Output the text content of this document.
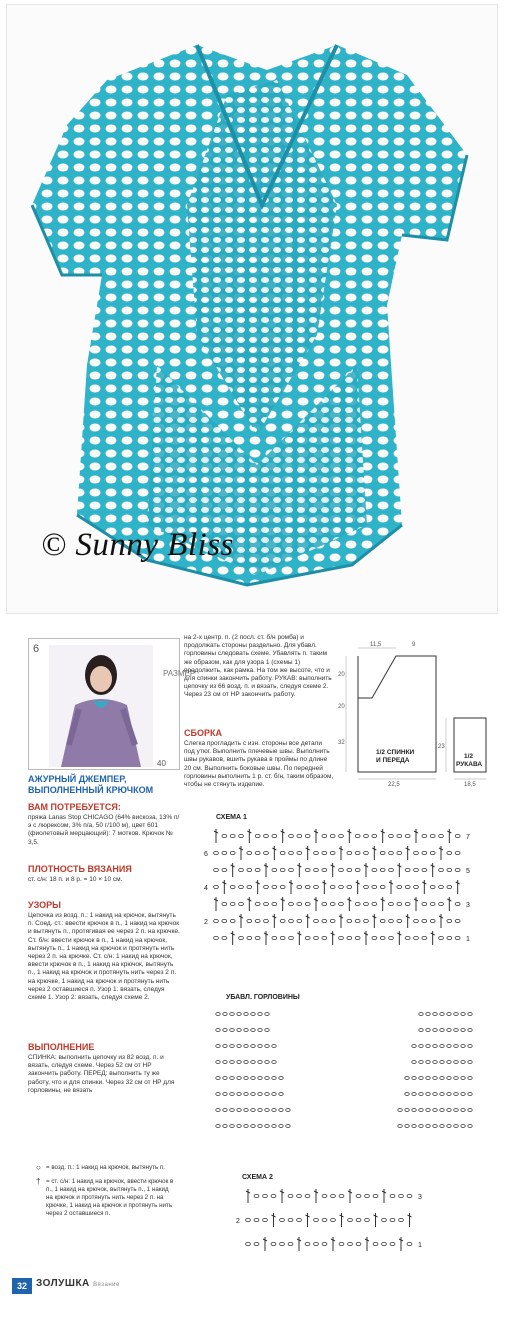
© Sunny Bliss
6
РАЗМЕР
40
АЖУРНЫЙ ДЖЕМПЕР, ВЫПОЛНЕННЫЙ КРЮЧКОМ
ВАМ ПОТРЕБУЕТСЯ:
пряжа Lanas Stop CHICAGO (64% вискоза, 13% п/э с люрексом, 3% п/а, 50 г/100 м), цвет 601 (фиолетовый мерцающий): 7 мотков. Крючок № 3,5.
ПЛОТНОСТЬ ВЯЗАНИЯ
ст. с/н: 18 п. и 8 р. = 10 × 10 см.
УЗОРЫ
Цепочка из возд. п.: 1 накид на крючок, вытянуть п. Соед. ст.: ввести крючок в п., 1 накид на крючок и вытянуть п., протягивая ее через 2 п. на крючке. Ст. б/н: ввести крючок в п., 1 накид на крючок, вытянуть п., 1 накид на крючок и протянуть нить через 2 п. на крючке. Ст. с/н: 1 накид на крючок, ввести крючок в п., 1 накид на крючок, вытянуть п., 1 накид на крючок и протянуть нить через 2 п. на крючке, 1 накид на крючок и протянуть нить через 2 оставшиеся п. Узор 1: вязать, следуя схеме 1. Узор 2: вязать, следуя схеме 2.
ВЫПОЛНЕНИЕ
СПИНКА: выполнить цепочку из 82 возд. п. и вязать, следуя схеме. Через 52 см от НР закончить работу. ПЕРЕД: выполнить ту же работу, что и для спинки. Через 32 см от НР для горловины, не вязать
на 2-х центр. п. (2 посл. ст. б/н ромба) и продолжать стороны раздельно. Для убавл. горловины следовать схеме. Убавлять п. таким же образом, как для узора 1 (схемы 1) продолжить, как рамка. На том же высоте, что и для спинки закончить работу. РУКАВ: выполнить цепочку из 66 возд. п. и вязать, следуя схеме 2. Через 23 см от НР закончить работу.
СБОРКА
Слегка прогладить с изн. стороны все детали под утюг. Выполнить плечевые швы. Выполнить швы рукавов, вшить рукава в проймы по длине 20 см. Выполнить боковые швы. По передней горловины выполнить 1 р. ст. б/н, таким образом, чтобы не стянуть изделие.
11,5	9
20
20
32
1/2 СПИНКИ
И ПЕРЕДА
22,5
1/2
РУКАВА
23
18,5
СХЕМА 1
7
6
5
4
3
2
1
УБАВЛ. ГОРЛОВИНЫ
СХЕМА 2
3
2
1
○ = возд. п.: 1 накид на крючок, вытянуть п.
† = ст. с/н: 1 накид на крючок, ввести крючок в п., 1 накид на крючок, вытянуть п., 1 накид на крючок и протянуть нить через 2 п. на крючке, 1 накид на крючок и протянуть нить через 2 оставшиеся п.
32 ЗОЛУШКА Вязание
